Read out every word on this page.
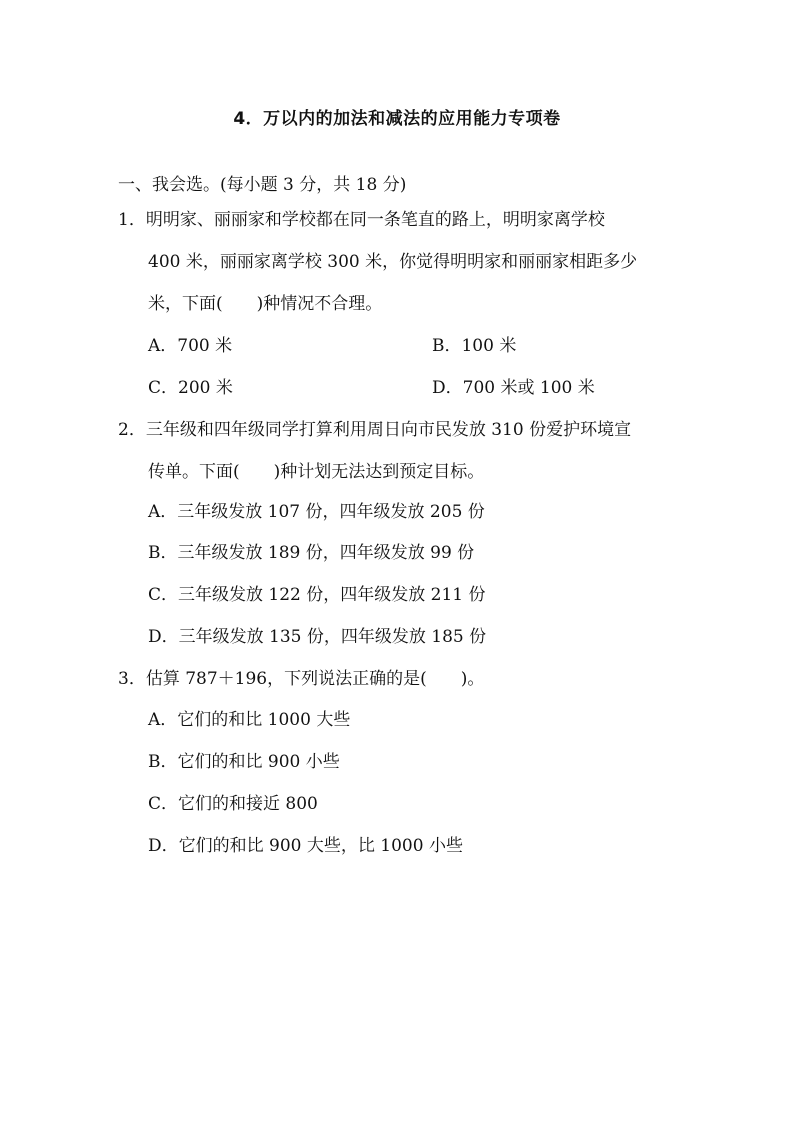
4．万以内的加法和减法的应用能力专项卷
一、我会选。(每小题 3 分，共 18 分)
1．明明家、丽丽家和学校都在同一条笔直的路上，明明家离学校
400 米，丽丽家离学校 300 米，你觉得明明家和丽丽家相距多少
米，下面(　　)种情况不合理。
A．700 米	B．100 米
C．200 米	D．700 米或 100 米
2．三年级和四年级同学打算利用周日向市民发放 310 份爱护环境宣
传单。下面(　　)种计划无法达到预定目标。
A．三年级发放 107 份，四年级发放 205 份
B．三年级发放 189 份，四年级发放 99 份
C．三年级发放 122 份，四年级发放 211 份
D．三年级发放 135 份，四年级发放 185 份
3．估算 787＋196，下列说法正确的是(　　)。
A．它们的和比 1000 大些
B．它们的和比 900 小些
C．它们的和接近 800
D．它们的和比 900 大些，比 1000 小些
